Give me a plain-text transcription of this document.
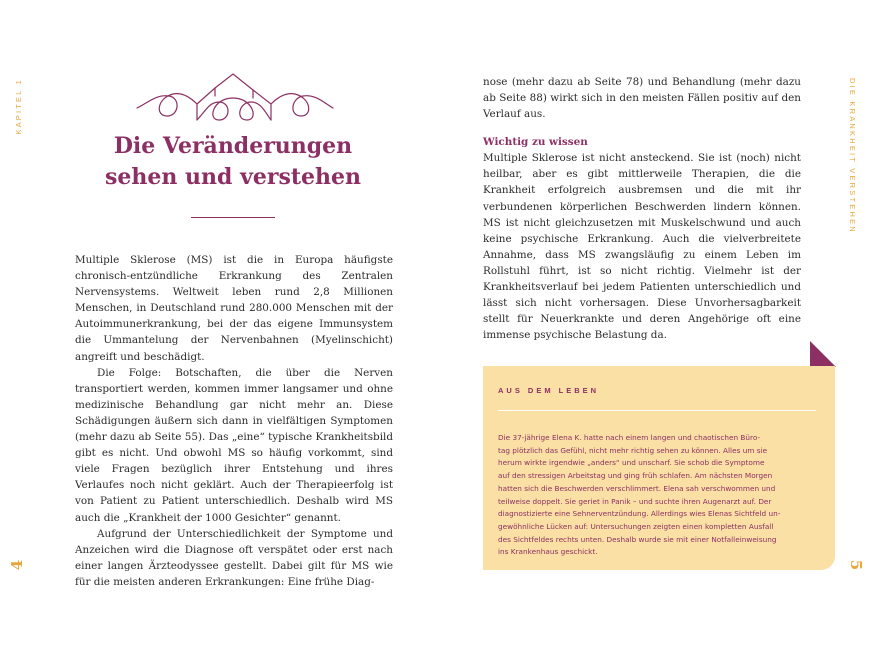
KAPITEL 1	DIE KRANKHEIT VERSTEHEN
4	5
Die Veränderungen
sehen und verstehen

Multiple Sklerose (MS) ist die in Europa häufigste chronisch-entzündliche Erkrankung des Zentralen Nervensystems. Weltweit leben rund 2,8 Millionen Menschen, in Deutschland rund 280.000 Menschen mit der Autoimmunerkrankung, bei der das eigene Immunsystem die Ummantelung der Nervenbahnen (Myelinschicht) angreift und beschädigt.

Die Folge: Botschaften, die über die Nerven transportiert werden, kommen immer langsamer und ohne medizinische Behandlung gar nicht mehr an. Diese Schädigungen äußern sich dann in vielfältigen Symptomen (mehr dazu ab Seite 55). Das „eine“ typische Krankheitsbild gibt es nicht. Und obwohl MS so häufig vorkommt, sind viele Fragen bezüglich ihrer Entstehung und ihres Verlaufes noch nicht geklärt. Auch der Therapieerfolg ist von Patient zu Patient unterschiedlich. Deshalb wird MS auch die „Krankheit der 1000 Gesichter“ genannt.

Aufgrund der Unterschiedlichkeit der Symptome und Anzeichen wird die Diagnose oft verspätet oder erst nach einer langen Ärzteodyssee gestellt. Dabei gilt für MS wie für die meisten anderen Erkrankungen: Eine frühe Diag-

nose (mehr dazu ab Seite 78) und Behandlung (mehr dazu ab Seite 88) wirkt sich in den meisten Fällen positiv auf den Verlauf aus.

Wichtig zu wissen

Multiple Sklerose ist nicht ansteckend. Sie ist (noch) nicht heilbar, aber es gibt mittlerweile Therapien, die die Krankheit erfolgreich ausbremsen und die mit ihr verbundenen körperlichen Beschwerden lindern können. MS ist nicht gleichzusetzen mit Muskelschwund und auch keine psychische Erkrankung. Auch die vielverbreitete Annahme, dass MS zwangsläufig zu einem Leben im Rollstuhl führt, ist so nicht richtig. Vielmehr ist der Krankheitsverlauf bei jedem Patienten unterschiedlich und lässt sich nicht vorhersagen. Diese Unvorhersagbarkeit stellt für Neuerkrankte und deren Angehörige oft eine immense psychische Belastung da.

AUS DEM LEBEN
Die 37-jährige Elena K. hatte nach einem langen und chaotischen Büro-
tag plötzlich das Gefühl, nicht mehr richtig sehen zu können. Alles um sie
herum wirkte irgendwie „anders“ und unscharf. Sie schob die Symptome
auf den stressigen Arbeitstag und ging früh schlafen. Am nächsten Morgen
hatten sich die Beschwerden verschlimmert. Elena sah verschwommen und
teilweise doppelt. Sie geriet in Panik – und suchte ihren Augenarzt auf. Der
diagnostizierte eine Sehnerventzündung. Allerdings wies Elenas Sichtfeld un-
gewöhnliche Lücken auf: Untersuchungen zeigten einen kompletten Ausfall
des Sichtfeldes rechts unten. Deshalb wurde sie mit einer Notfalleinweisung
ins Krankenhaus geschickt.
